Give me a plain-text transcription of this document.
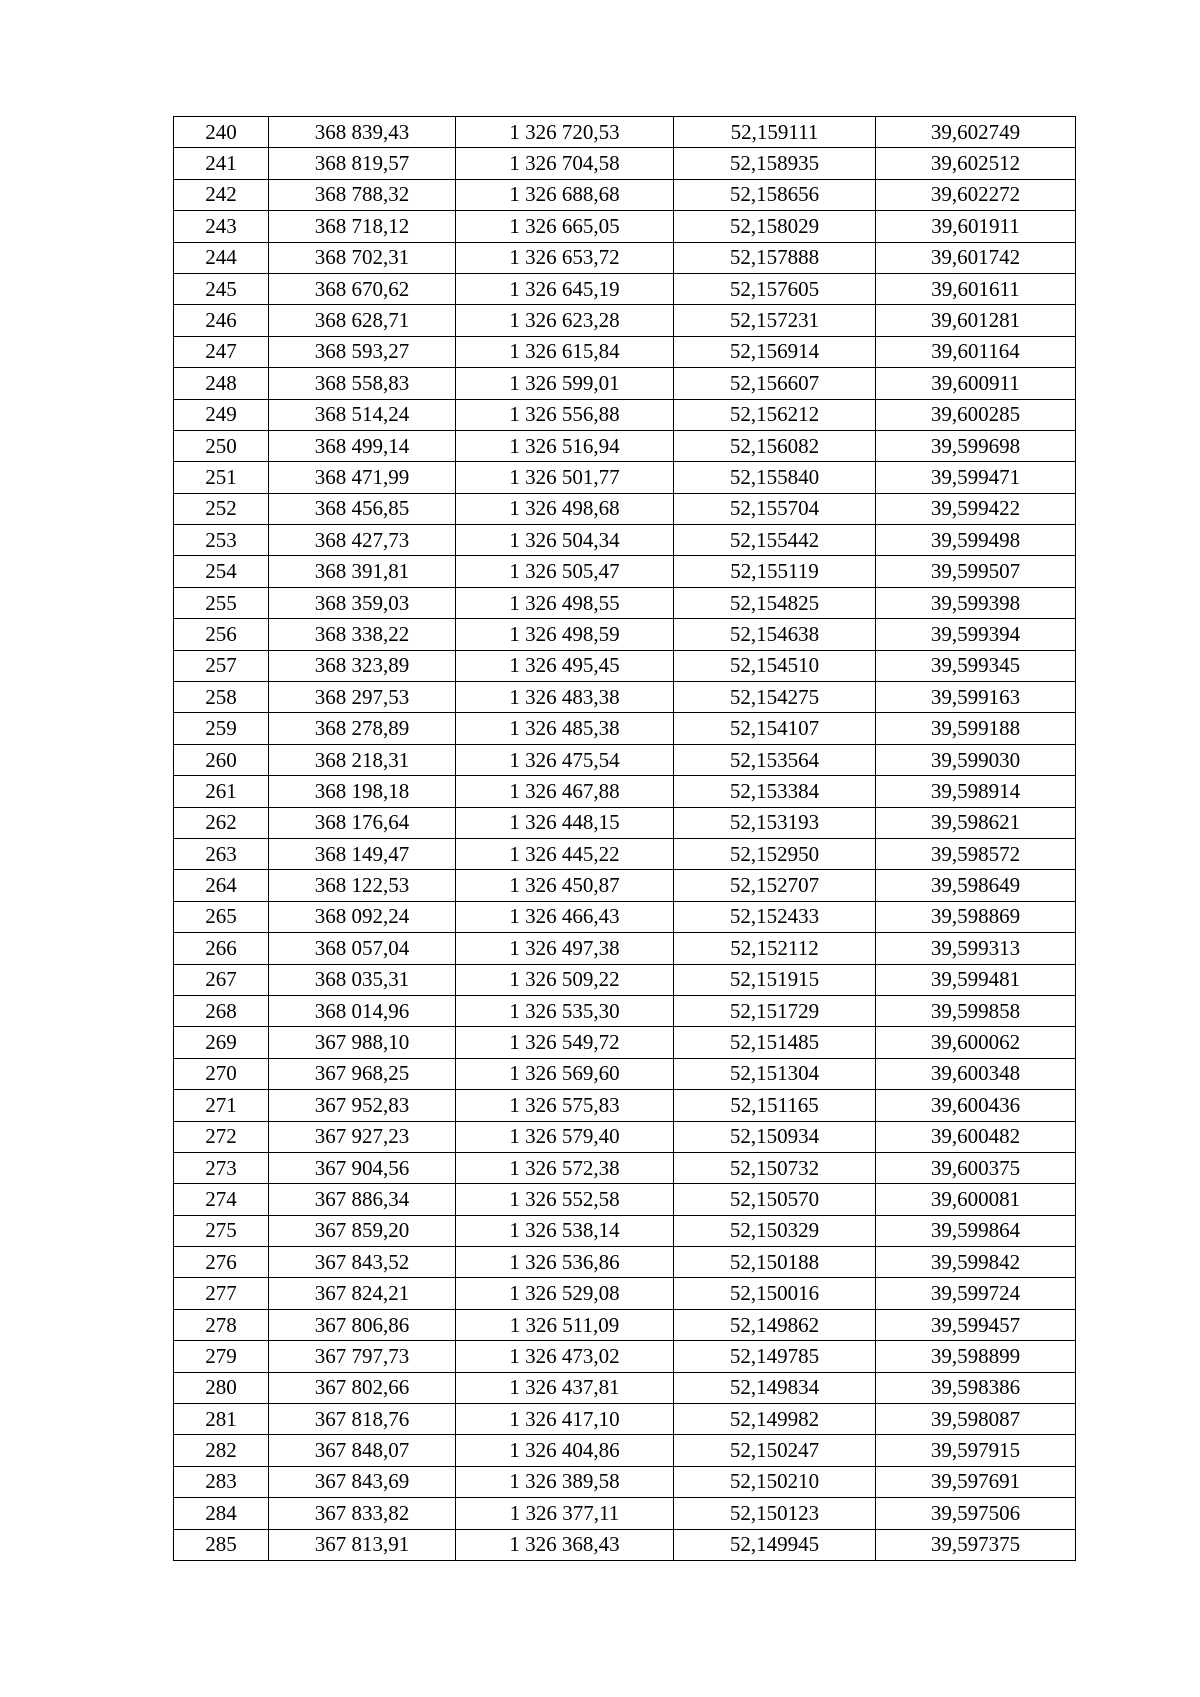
240	368 839,43	1 326 720,53	52,159111	39,602749
241	368 819,57	1 326 704,58	52,158935	39,602512
242	368 788,32	1 326 688,68	52,158656	39,602272
243	368 718,12	1 326 665,05	52,158029	39,601911
244	368 702,31	1 326 653,72	52,157888	39,601742
245	368 670,62	1 326 645,19	52,157605	39,601611
246	368 628,71	1 326 623,28	52,157231	39,601281
247	368 593,27	1 326 615,84	52,156914	39,601164
248	368 558,83	1 326 599,01	52,156607	39,600911
249	368 514,24	1 326 556,88	52,156212	39,600285
250	368 499,14	1 326 516,94	52,156082	39,599698
251	368 471,99	1 326 501,77	52,155840	39,599471
252	368 456,85	1 326 498,68	52,155704	39,599422
253	368 427,73	1 326 504,34	52,155442	39,599498
254	368 391,81	1 326 505,47	52,155119	39,599507
255	368 359,03	1 326 498,55	52,154825	39,599398
256	368 338,22	1 326 498,59	52,154638	39,599394
257	368 323,89	1 326 495,45	52,154510	39,599345
258	368 297,53	1 326 483,38	52,154275	39,599163
259	368 278,89	1 326 485,38	52,154107	39,599188
260	368 218,31	1 326 475,54	52,153564	39,599030
261	368 198,18	1 326 467,88	52,153384	39,598914
262	368 176,64	1 326 448,15	52,153193	39,598621
263	368 149,47	1 326 445,22	52,152950	39,598572
264	368 122,53	1 326 450,87	52,152707	39,598649
265	368 092,24	1 326 466,43	52,152433	39,598869
266	368 057,04	1 326 497,38	52,152112	39,599313
267	368 035,31	1 326 509,22	52,151915	39,599481
268	368 014,96	1 326 535,30	52,151729	39,599858
269	367 988,10	1 326 549,72	52,151485	39,600062
270	367 968,25	1 326 569,60	52,151304	39,600348
271	367 952,83	1 326 575,83	52,151165	39,600436
272	367 927,23	1 326 579,40	52,150934	39,600482
273	367 904,56	1 326 572,38	52,150732	39,600375
274	367 886,34	1 326 552,58	52,150570	39,600081
275	367 859,20	1 326 538,14	52,150329	39,599864
276	367 843,52	1 326 536,86	52,150188	39,599842
277	367 824,21	1 326 529,08	52,150016	39,599724
278	367 806,86	1 326 511,09	52,149862	39,599457
279	367 797,73	1 326 473,02	52,149785	39,598899
280	367 802,66	1 326 437,81	52,149834	39,598386
281	367 818,76	1 326 417,10	52,149982	39,598087
282	367 848,07	1 326 404,86	52,150247	39,597915
283	367 843,69	1 326 389,58	52,150210	39,597691
284	367 833,82	1 326 377,11	52,150123	39,597506
285	367 813,91	1 326 368,43	52,149945	39,597375
